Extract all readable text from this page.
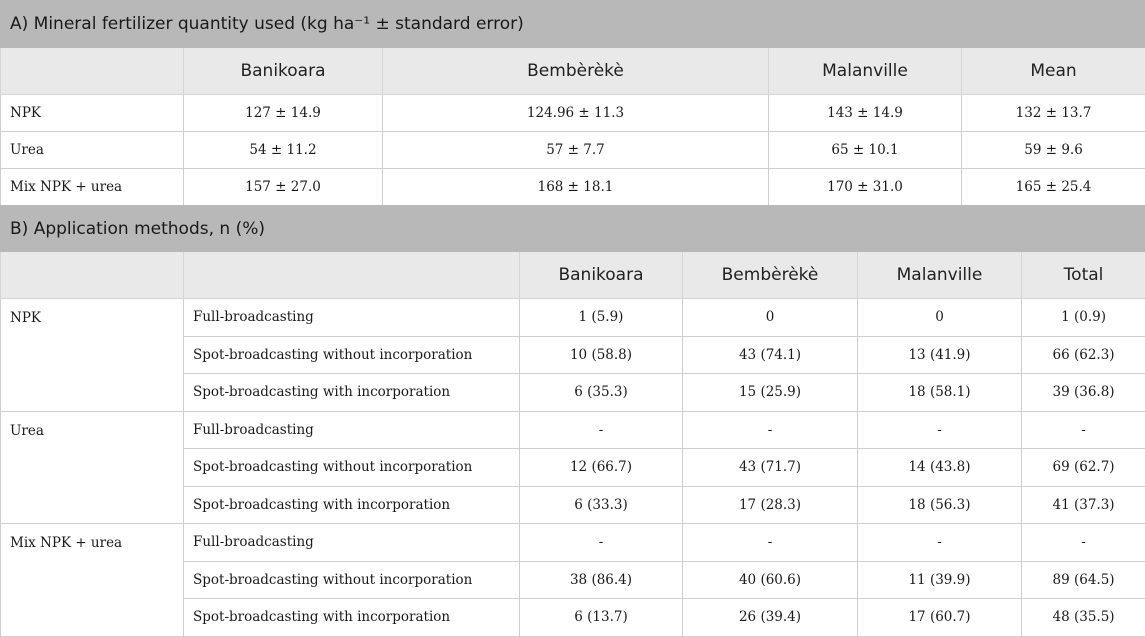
A) Mineral fertilizer quantity used (kg ha⁻¹ ± standard error)				
	Banikoara	Bembèrèkè	Malanville	Mean
NPK	127 ± 14.9	124.96 ± 11.3	143 ± 14.9	132 ± 13.7
Urea	54 ± 11.2	57 ± 7.7	65 ± 10.1	59 ± 9.6
Mix NPK + urea	157 ± 27.0	168 ± 18.1	170 ± 31.0	165 ± 25.4
B) Application methods, n (%)					
		Banikoara	Bembèrèkè	Malanville	Total
NPK	Full-broadcasting	1 (5.9)	0	0	1 (0.9)
	Spot-broadcasting without incorporation	10 (58.8)	43 (74.1)	13 (41.9)	66 (62.3)
	Spot-broadcasting with incorporation	6 (35.3)	15 (25.9)	18 (58.1)	39 (36.8)
Urea	Full-broadcasting	-	-	-	-
	Spot-broadcasting without incorporation	12 (66.7)	43 (71.7)	14 (43.8)	69 (62.7)
	Spot-broadcasting with incorporation	6 (33.3)	17 (28.3)	18 (56.3)	41 (37.3)
Mix NPK + urea	Full-broadcasting	-	-	-	-
	Spot-broadcasting without incorporation	38 (86.4)	40 (60.6)	11 (39.9)	89 (64.5)
	Spot-broadcasting with incorporation	6 (13.7)	26 (39.4)	17 (60.7)	48 (35.5)
